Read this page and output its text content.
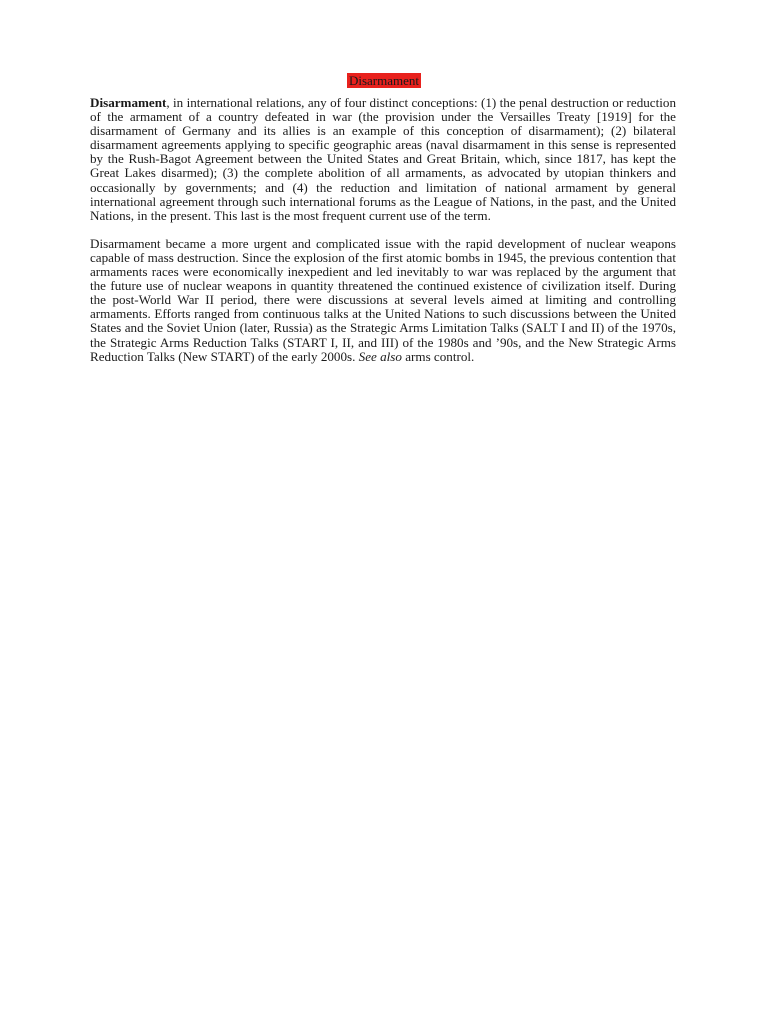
Disarmament

Disarmament, in international relations, any of four distinct conceptions: (1) the penal destruction or reduction of the armament of a country defeated in war (the provision under the Versailles Treaty [1919] for the disarmament of Germany and its allies is an example of this conception of disarmament); (2) bilateral disarmament agreements applying to specific geographic areas (naval disarmament in this sense is represented by the Rush-Bagot Agreement between the United States and Great Britain, which, since 1817, has kept the Great Lakes disarmed); (3) the complete abolition of all armaments, as advocated by utopian thinkers and occasionally by governments; and (4) the reduction and limitation of national armament by general international agreement through such international forums as the League of Nations, in the past, and the United Nations, in the present. This last is the most frequent current use of the term.

Disarmament became a more urgent and complicated issue with the rapid development of nuclear weapons capable of mass destruction. Since the explosion of the first atomic bombs in 1945, the previous contention that armaments races were economically inexpedient and led inevitably to war was replaced by the argument that the future use of nuclear weapons in quantity threatened the continued existence of civilization itself. During the post-World War II period, there were discussions at several levels aimed at limiting and controlling armaments. Efforts ranged from continuous talks at the United Nations to such discussions between the United States and the Soviet Union (later, Russia) as the Strategic Arms Limitation Talks (SALT I and II) of the 1970s, the Strategic Arms Reduction Talks (START I, II, and III) of the 1980s and ’90s, and the New Strategic Arms Reduction Talks (New START) of the early 2000s. See also arms control.
